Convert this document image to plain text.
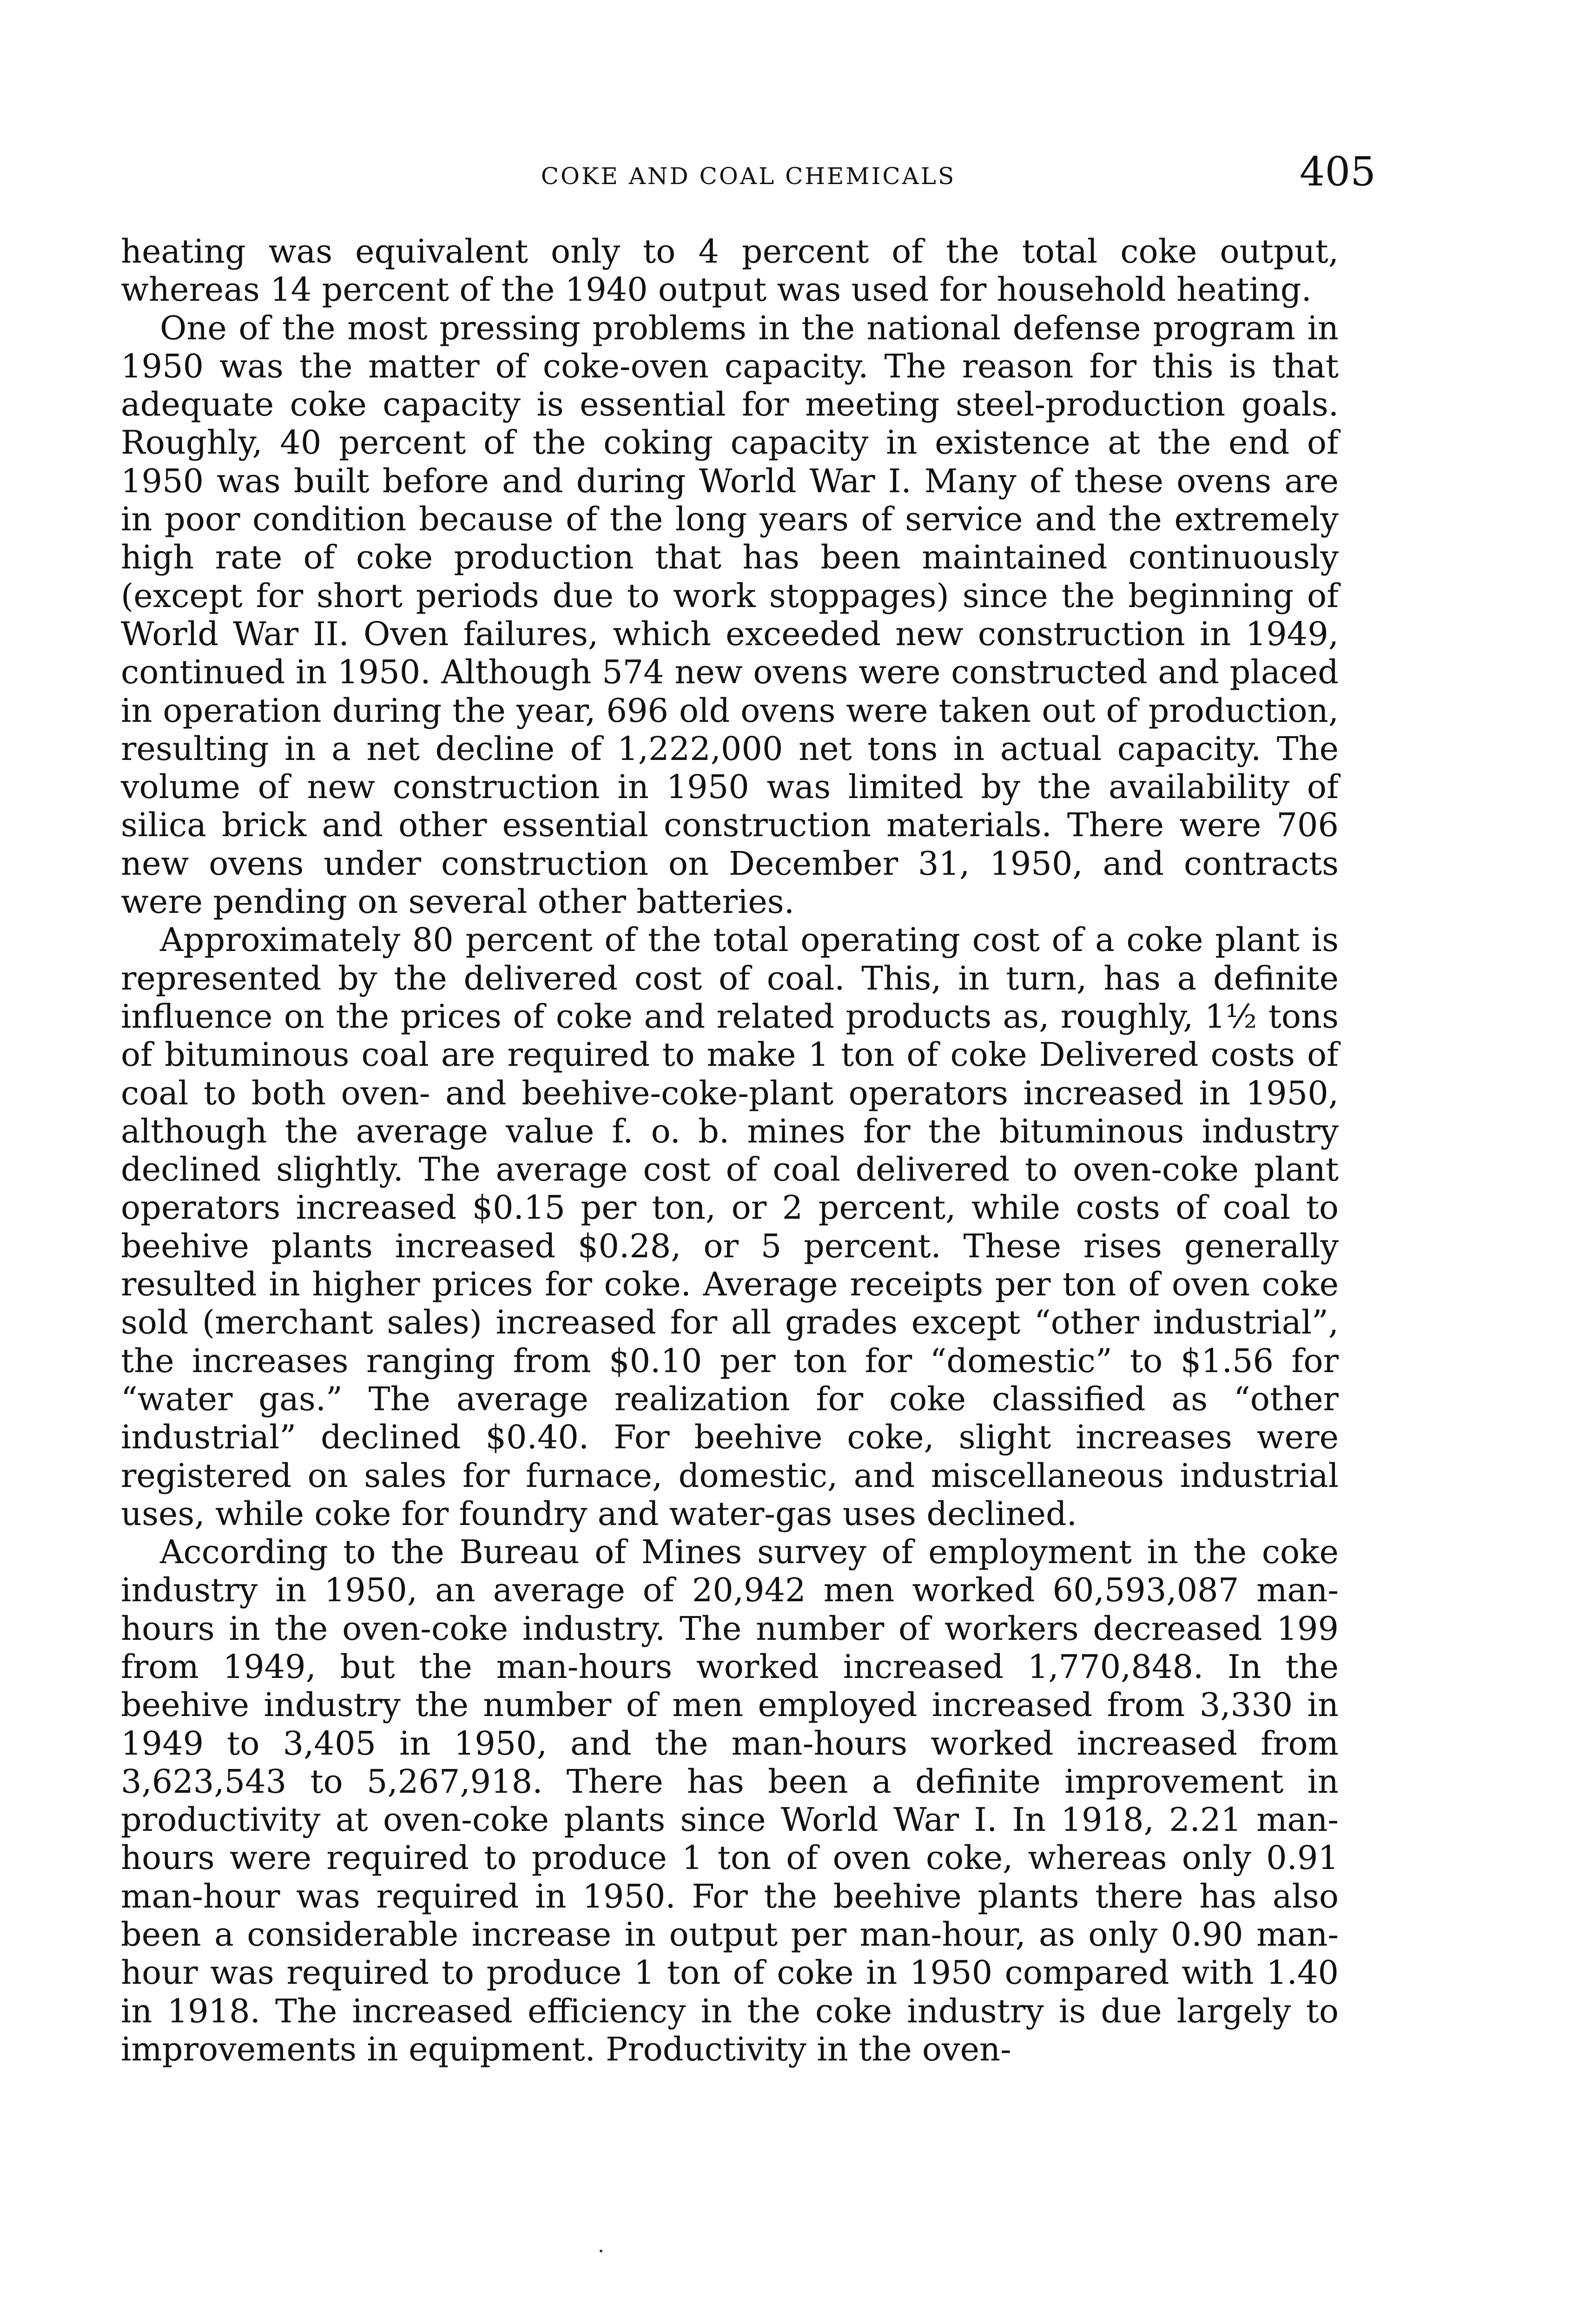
COKE AND COAL CHEMICALS	405

heating was equivalent only to 4 percent of the total coke output, whereas 14 percent of the 1940 output was used for household heating.

One of the most pressing problems in the national defense program in 1950 was the matter of coke-oven capacity. The reason for this is that adequate coke capacity is essential for meeting steel-production goals. Roughly, 40 percent of the coking capacity in existence at the end of 1950 was built before and during World War I. Many of these ovens are in poor condition because of the long years of service and the extremely high rate of coke production that has been maintained continuously (except for short periods due to work stoppages) since the beginning of World War II. Oven failures, which exceeded new construction in 1949, continued in 1950. Although 574 new ovens were constructed and placed in operation during the year, 696 old ovens were taken out of production, resulting in a net decline of 1,222,000 net tons in actual capacity. The volume of new construction in 1950 was limited by the availability of silica brick and other essential construction materials. There were 706 new ovens under construction on December 31, 1950, and contracts were pending on several other batteries.

Approximately 80 percent of the total operating cost of a coke plant is represented by the delivered cost of coal. This, in turn, has a definite influence on the prices of coke and related products as, roughly, 1½ tons of bituminous coal are required to make 1 ton of coke Delivered costs of coal to both oven- and beehive-coke-plant operators increased in 1950, although the average value f. o. b. mines for the bituminous industry declined slightly. The average cost of coal delivered to oven-coke plant operators increased $0.15 per ton, or 2 percent, while costs of coal to beehive plants increased $0.28, or 5 percent. These rises generally resulted in higher prices for coke. Average receipts per ton of oven coke sold (merchant sales) increased for all grades except “other industrial”, the increases ranging from $0.10 per ton for “domestic” to $1.56 for “water gas.” The average realization for coke classified as “other industrial” declined $0.40. For beehive coke, slight increases were registered on sales for furnace, domestic, and miscellaneous industrial uses, while coke for foundry and water-gas uses declined.

According to the Bureau of Mines survey of employment in the coke industry in 1950, an average of 20,942 men worked 60,593,087 man-hours in the oven-coke industry. The number of workers decreased 199 from 1949, but the man-hours worked increased 1,770,848. In the beehive industry the number of men employed increased from 3,330 in 1949 to 3,405 in 1950, and the man-hours worked increased from 3,623,543 to 5,267,918. There has been a definite improvement in productivity at oven-coke plants since World War I. In 1918, 2.21 man-hours were required to produce 1 ton of oven coke, whereas only 0.91 man-hour was required in 1950. For the beehive plants there has also been a considerable increase in output per man-hour, as only 0.90 man-hour was required to produce 1 ton of coke in 1950 compared with 1.40 in 1918. The increased efficiency in the coke industry is due largely to improvements in equipment. Productivity in the oven-
